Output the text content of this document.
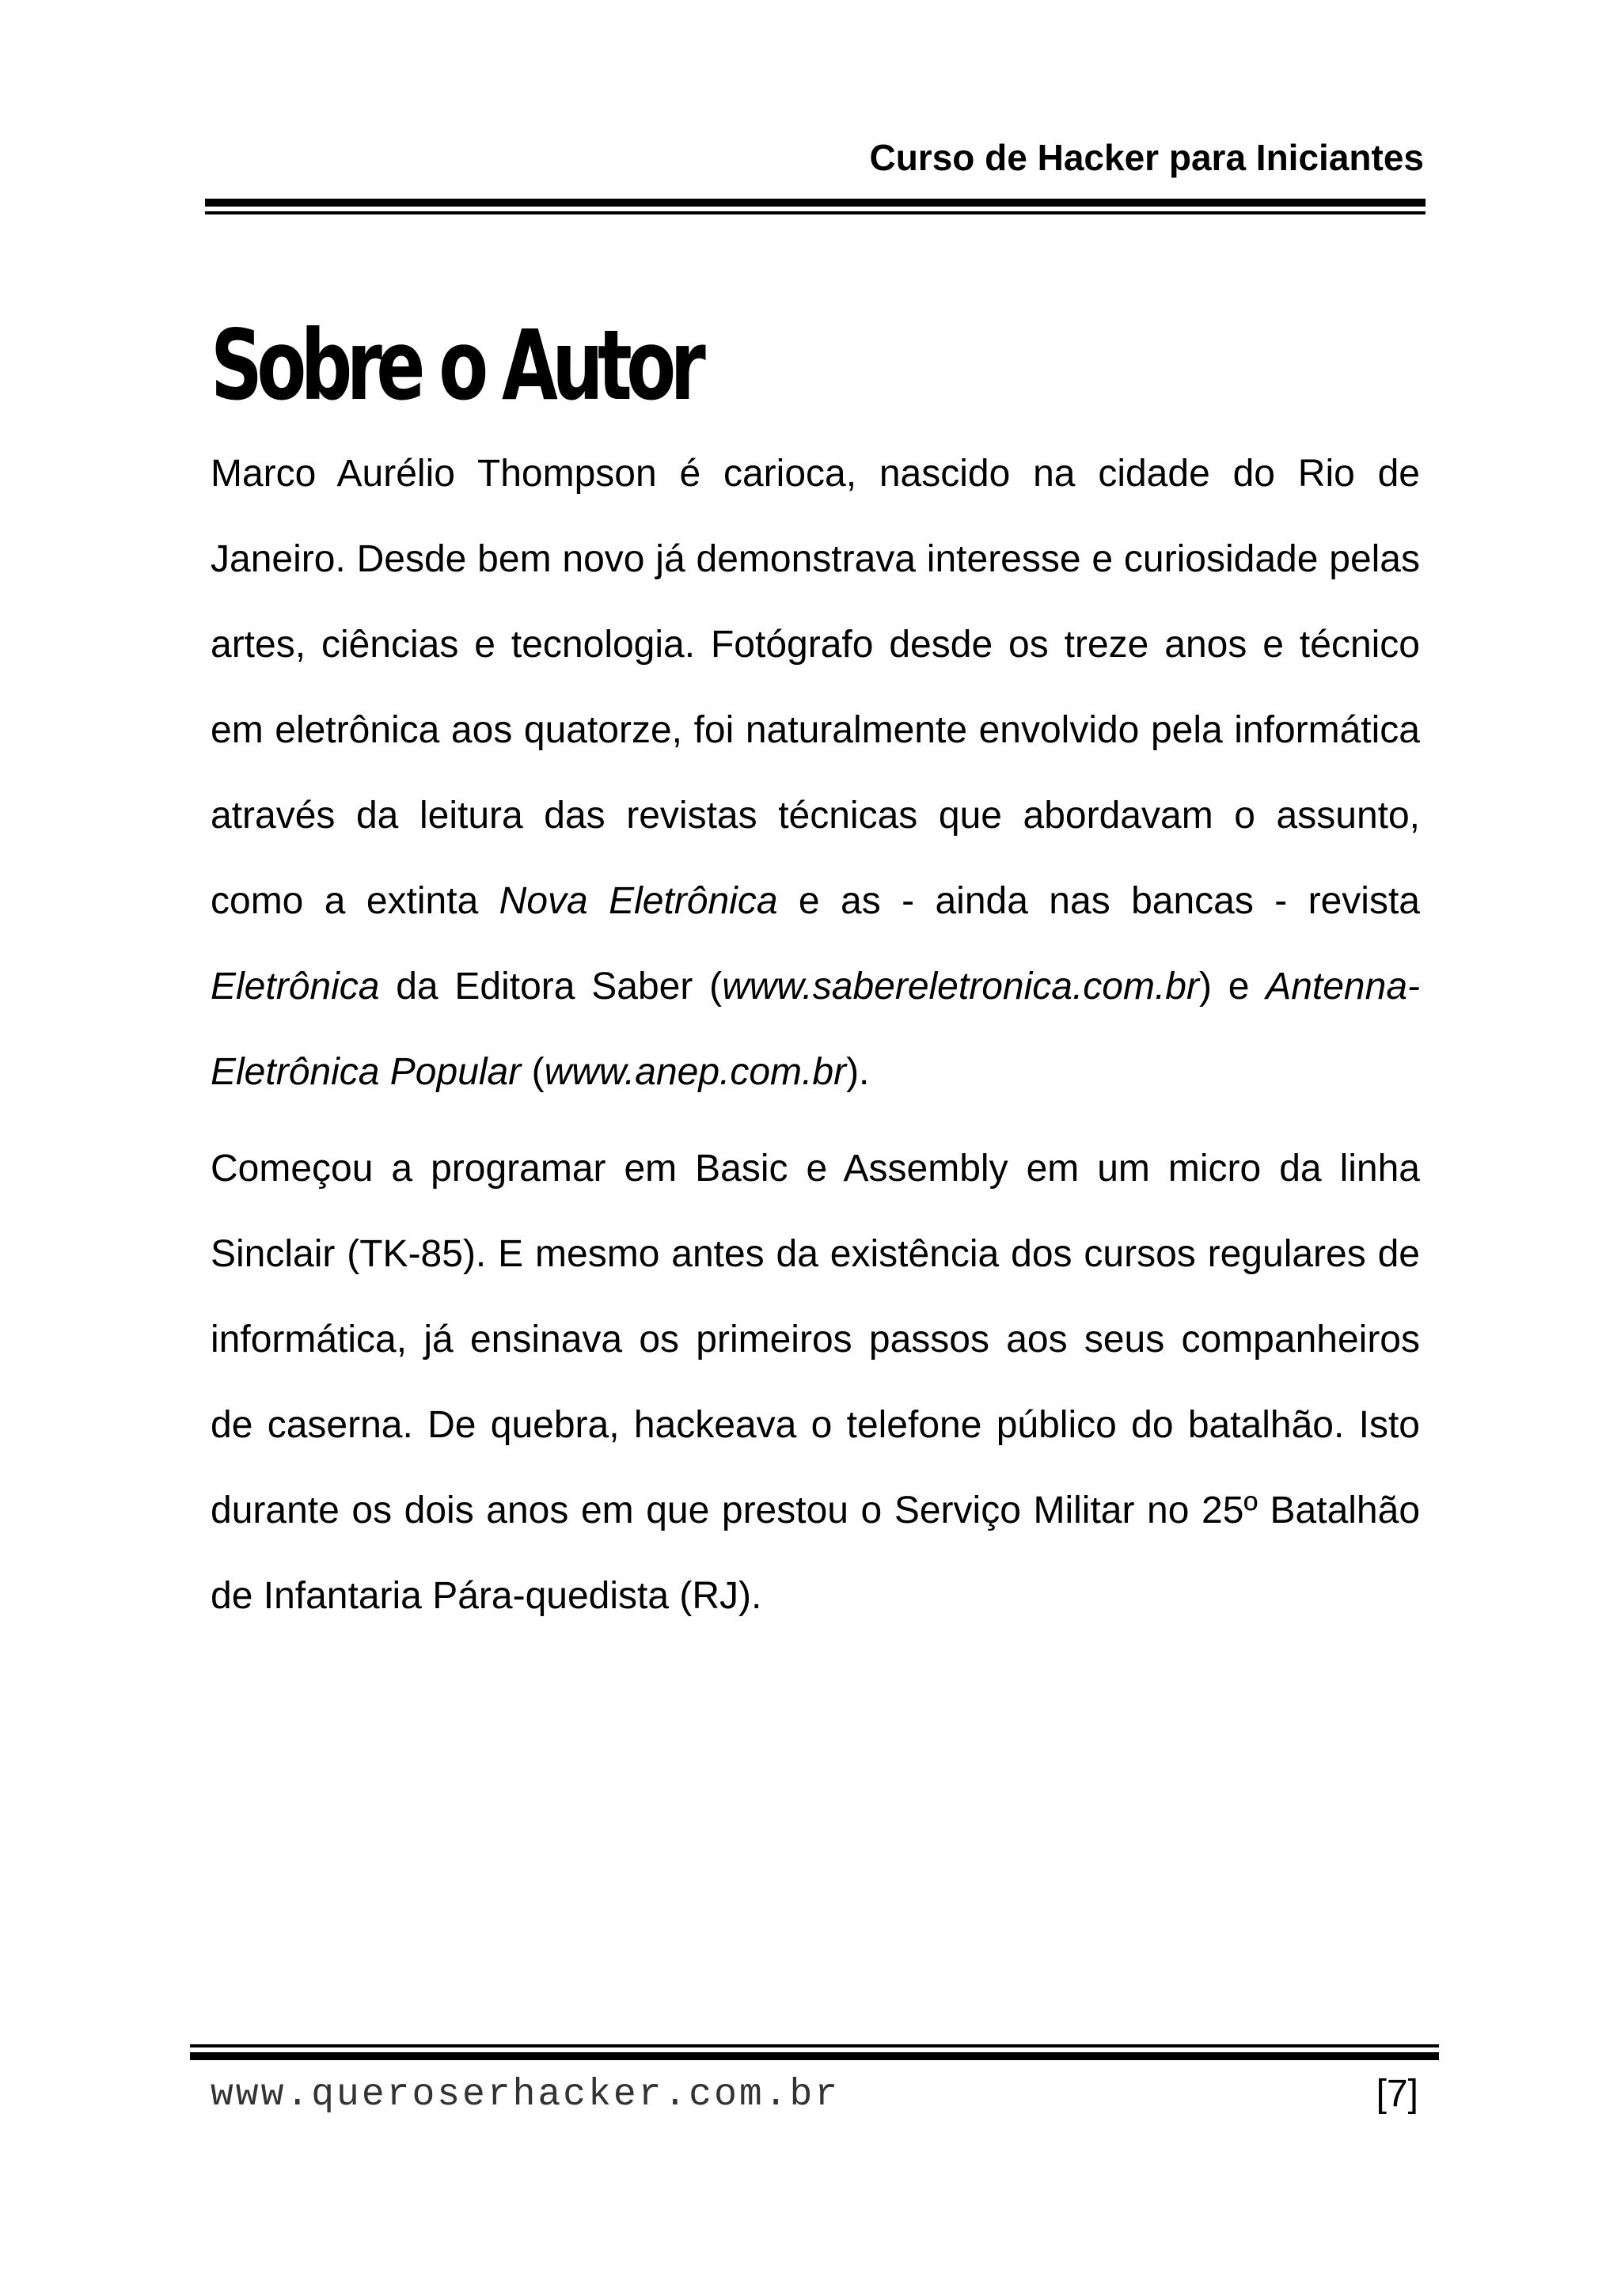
Curso de Hacker para Iniciantes
Sobre o Autor

Marco Aurélio Thompson é carioca, nascido na cidade do Rio de Janeiro. Desde bem novo já demonstrava interesse e curiosidade pelas artes, ciências e tecnologia. Fotógrafo desde os treze anos e técnico em eletrônica aos quatorze, foi naturalmente envolvido pela informática através da leitura das revistas técnicas que abordavam o assunto, como a extinta Nova Eletrônica e as - ainda nas bancas - revista Eletrônica da Editora Saber (www.sabereletronica.com.br) e Antenna-Eletrônica Popular (www.anep.com.br).

Começou a programar em Basic e Assembly em um micro da linha Sinclair (TK-85). E mesmo antes da existência dos cursos regulares de informática, já ensinava os primeiros passos aos seus companheiros de caserna. De quebra, hackeava o telefone público do batalhão. Isto durante os dois anos em que prestou o Serviço Militar no 25º Batalhão de Infantaria Pára-quedista (RJ).

www.queroserhacker.com.br	[7]
